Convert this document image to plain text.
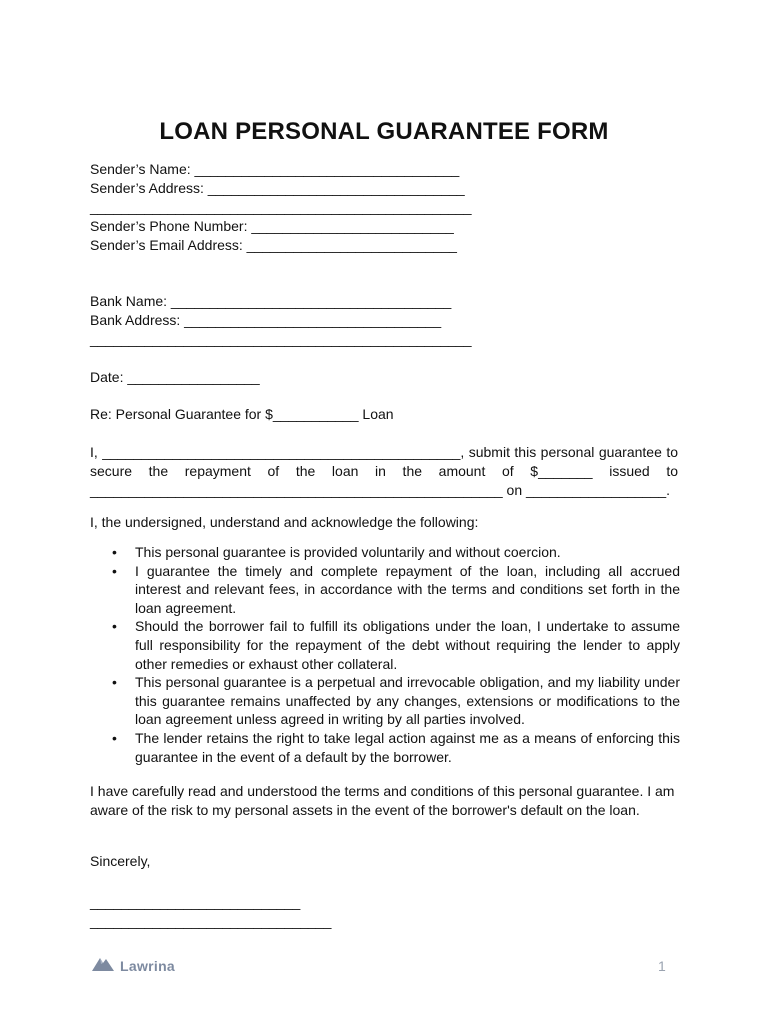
LOAN PERSONAL GUARANTEE FORM
Sender’s Name: __________________________________
Sender’s Address: _________________________________
_________________________________________________
Sender’s Phone Number: __________________________
Sender’s Email Address: ___________________________
Bank Name: ____________________________________
Bank Address: _________________________________
_________________________________________________
Date: _________________
Re: Personal Guarantee for $___________ Loan
I, ______________________________________________, submit this personal guarantee to
secure the repayment of the loan in the amount of $_______ issued to
_____________________________________________________ on __________________.
I, the undersigned, understand and acknowledge the following:
• This personal guarantee is provided voluntarily and without coercion.
• I guarantee the timely and complete repayment of the loan, including all accrued interest and relevant fees, in accordance with the terms and conditions set forth in the loan agreement.
• Should the borrower fail to fulfill its obligations under the loan, I undertake to assume full responsibility for the repayment of the debt without requiring the lender to apply other remedies or exhaust other collateral.
• This personal guarantee is a perpetual and irrevocable obligation, and my liability under this guarantee remains unaffected by any changes, extensions or modifications to the loan agreement unless agreed in writing by all parties involved.
• The lender retains the right to take legal action against me as a means of enforcing this guarantee in the event of a default by the borrower.
I have carefully read and understood the terms and conditions of this personal guarantee. I am aware of the risk to my personal assets in the event of the borrower's default on the loan.
Sincerely,
___________________________
_______________________________
Lawrina	1
